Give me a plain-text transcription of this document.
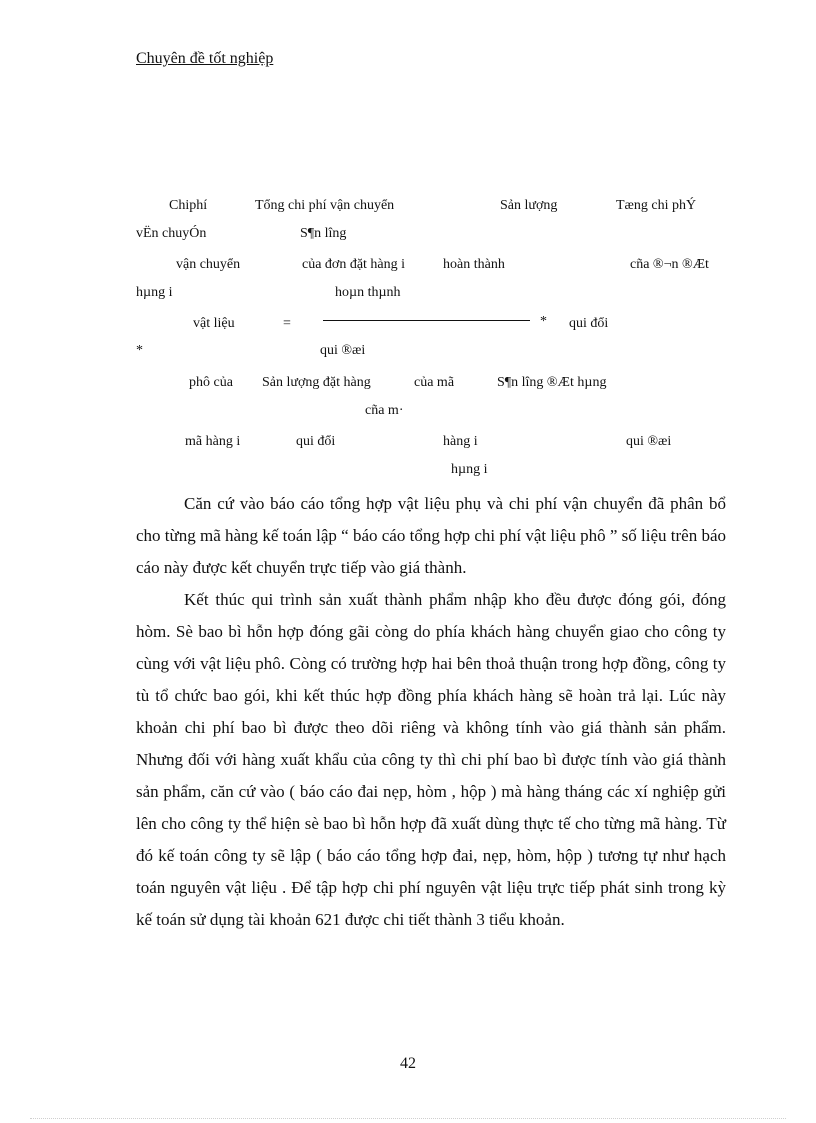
Chuyên đề tốt nghiệp
Chiphí	Tổng chi phí vận chuyển	Sản lượng	Tæng chi phÝ
vËn chuyÓn	S¶n lîng
vận chuyển	của đơn đặt hàng i	hoàn thành	cña ®¬n ®Æt
hµng i	hoµn thµnh
vật liệu	=	* qui đổi
*	qui ®æi
phô của Sản lượng đặt hàng	của mã	S¶n lîng ®Æt hµng
cña m·
mã hàng i	qui đổi	hàng i	qui ®æi
hµng i

Căn cứ vào báo cáo tổng hợp vật liệu phụ và chi phí vận chuyển đã phân bổ cho từng mã hàng kế toán lập “ báo cáo tổng hợp chi phí vật liệu phô ” số liệu trên báo cáo này được kết chuyển trực tiếp vào giá thành.

Kết thúc qui trình sản xuất thành phẩm nhập kho đều được đóng gói, đóng hòm. Sè bao bì hỗn hợp đóng gãi còng do phía khách hàng chuyển giao cho công ty cùng với vật liệu phô. Còng có trường hợp hai bên thoả thuận trong hợp đồng, công ty tù tổ chức bao gói, khi kết thúc hợp đồng phía khách hàng sẽ hoàn trả lại. Lúc này khoản chi phí bao bì được theo dõi riêng và không tính vào giá thành sản phẩm. Nhưng đối với hàng xuất khẩu của công ty thì chi phí bao bì được tính vào giá thành sản phẩm, căn cứ vào ( báo cáo đai nẹp, hòm , hộp ) mà hàng tháng các xí nghiệp gửi lên cho công ty thể hiện sè bao bì hỗn hợp đã xuất dùng thực tế cho từng mã hàng. Từ đó kế toán công ty sẽ lập ( báo cáo tổng hợp đai, nẹp, hòm, hộp ) tương tự như hạch toán nguyên vật liệu . Để tập hợp chi phí nguyên vật liệu trực tiếp phát sinh trong kỳ kế toán sử dụng tài khoản 621 được chi tiết thành 3 tiểu khoản.

42
